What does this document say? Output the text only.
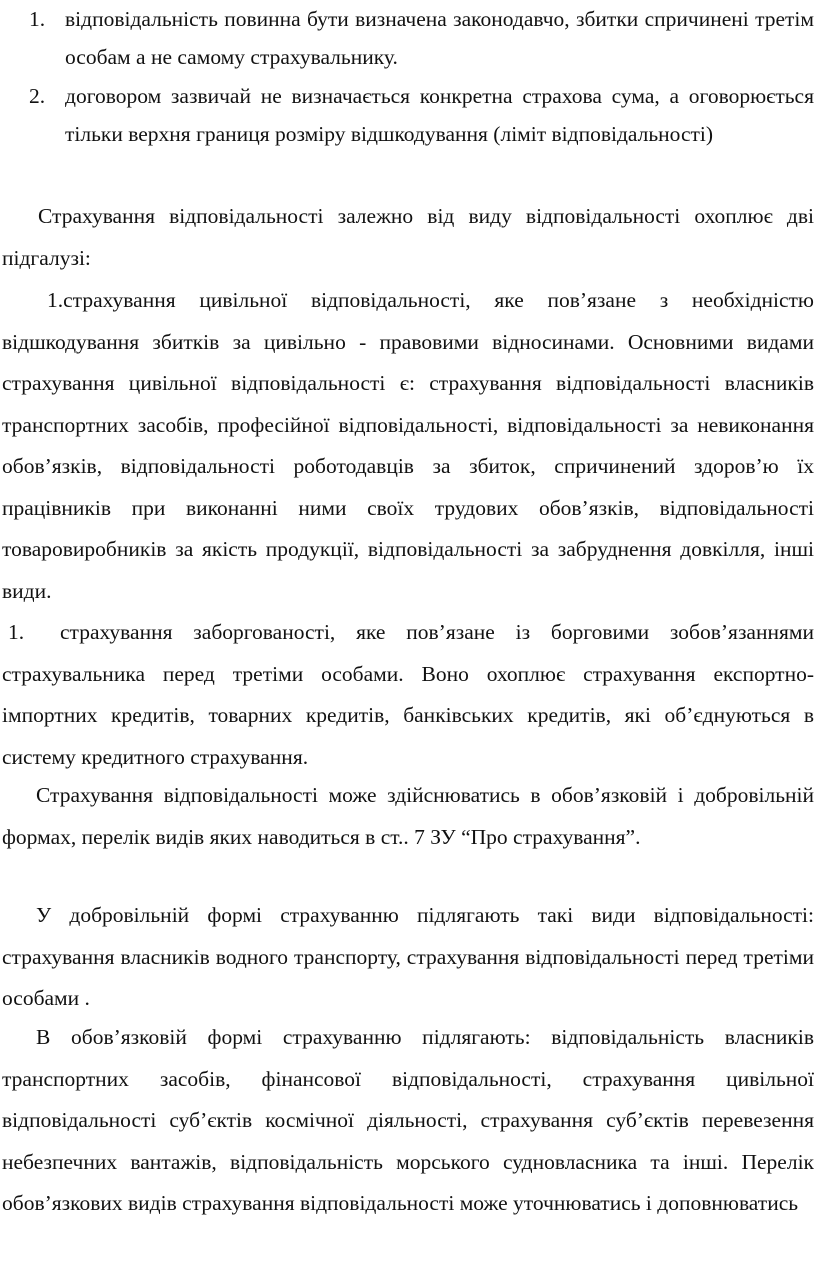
1. відповідальність повинна бути визначена законодавчо, збитки спричинені третім особам а не самому страхувальнику.
2. договором зазвичай не визначається конкретна страхова сума, а оговорюється тільки верхня границя розміру відшкодування (ліміт відповідальності)

Страхування відповідальності залежно від виду відповідальності охоплює дві підгалузі:

1.страхування цивільної відповідальності, яке пов’язане з необхідністю відшкодування збитків за цивільно - правовими відносинами. Основними видами страхування цивільної відповідальності є: страхування відповідальності власників транспортних засобів, професійної відповідальності, відповідальності за невиконання обов’язків, відповідальності роботодавців за збиток, спричинений здоров’ю їх працівників при виконанні ними своїх трудових обов’язків, відповідальності товаровиробників за якість продукції, відповідальності за забруднення довкілля, інші види.

1. страхування заборгованості, яке пов’язане із борговими зобов’язаннями страхувальника перед третіми особами. Воно охоплює страхування експортно-імпортних кредитів, товарних кредитів, банківських кредитів, які об’єднуються в систему кредитного страхування.

Страхування відповідальності може здійснюватись в обов’язковій і добровільній формах, перелік видів яких наводиться в ст.. 7 ЗУ “Про страхування”.

У добровільній формі страхуванню підлягають такі види відповідальності: страхування власників водного транспорту, страхування відповідальності перед третіми особами .

В обов’язковій формі страхуванню підлягають: відповідальність власників транспортних засобів, фінансової відповідальності, страхування цивільної відповідальності суб’єктів космічної діяльності, страхування суб’єктів перевезення небезпечних вантажів, відповідальність морського судновласника та інші. Перелік обов’язкових видів страхування відповідальності може уточнюватись і доповнюватись
